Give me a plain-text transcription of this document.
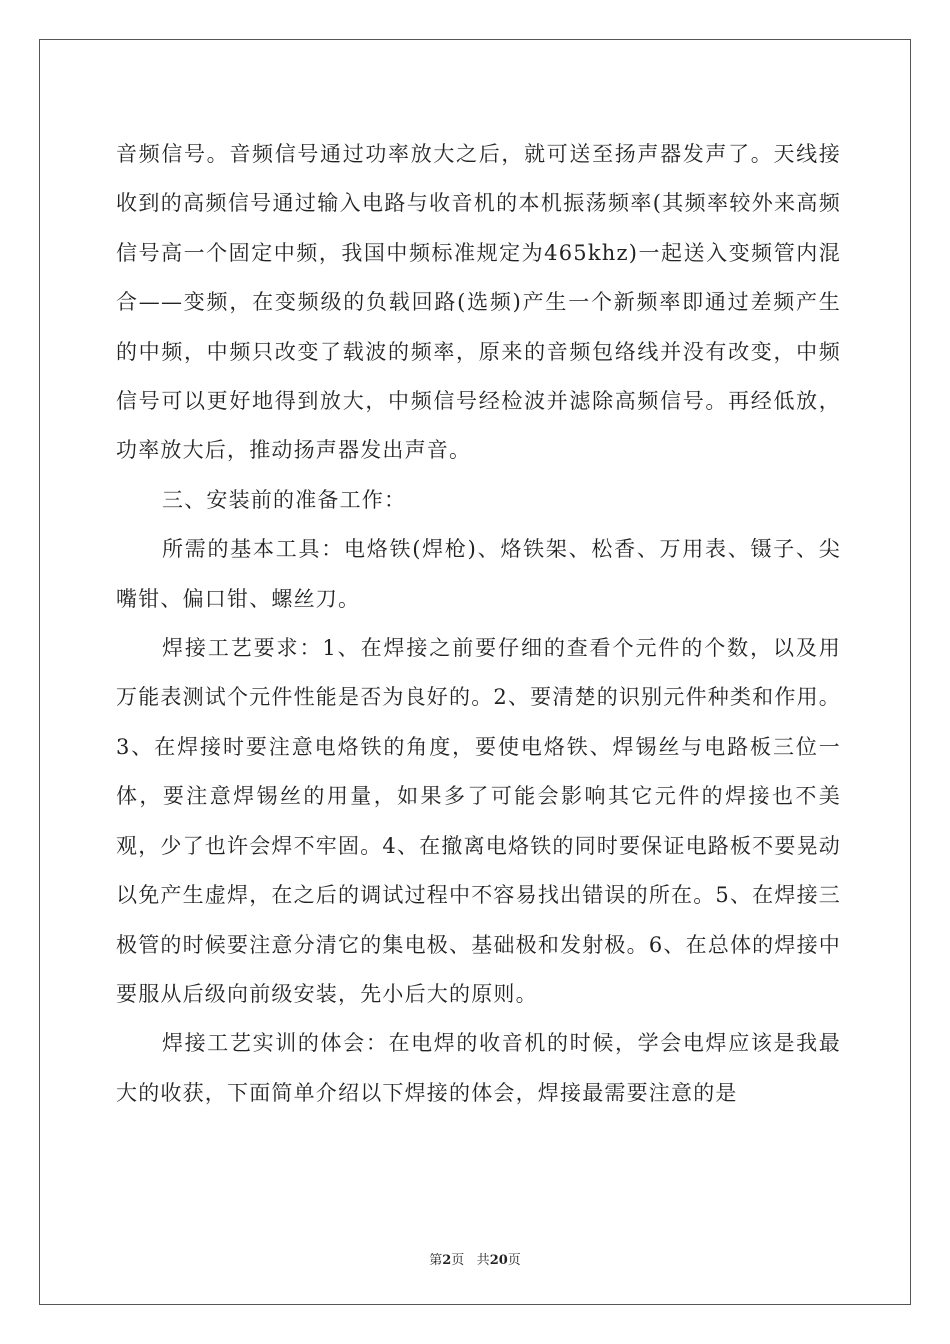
音频信号。音频信号通过功率放大之后，就可送至扬声器发声了。天线接收到的高频信号通过输入电路与收音机的本机振荡频率(其频率较外来高频信号高一个固定中频，我国中频标准规定为465khz)一起送入变频管内混合——变频，在变频级的负载回路(选频)产生一个新频率即通过差频产生的中频，中频只改变了载波的频率，原来的音频包络线并没有改变，中频信号可以更好地得到放大，中频信号经检波并滤除高频信号。再经低放，功率放大后，推动扬声器发出声音。

三、安装前的准备工作：

所需的基本工具：电烙铁(焊枪)、烙铁架、松香、万用表、镊子、尖嘴钳、偏口钳、螺丝刀。

焊接工艺要求：1、在焊接之前要仔细的查看个元件的个数，以及用万能表测试个元件性能是否为良好的。2、要清楚的识别元件种类和作用。3、在焊接时要注意电烙铁的角度，要使电烙铁、焊锡丝与电路板三位一体，要注意焊锡丝的用量，如果多了可能会影响其它元件的焊接也不美观，少了也许会焊不牢固。4、在撤离电烙铁的同时要保证电路板不要晃动以免产生虚焊，在之后的调试过程中不容易找出错误的所在。5、在焊接三极管的时候要注意分清它的集电极、基础极和发射极。6、在总体的焊接中要服从后级向前级安装，先小后大的原则。

焊接工艺实训的体会：在电焊的收音机的时候，学会电焊应该是我最大的收获，下面简单介绍以下焊接的体会，焊接最需要注意的是

第2页 共20页
